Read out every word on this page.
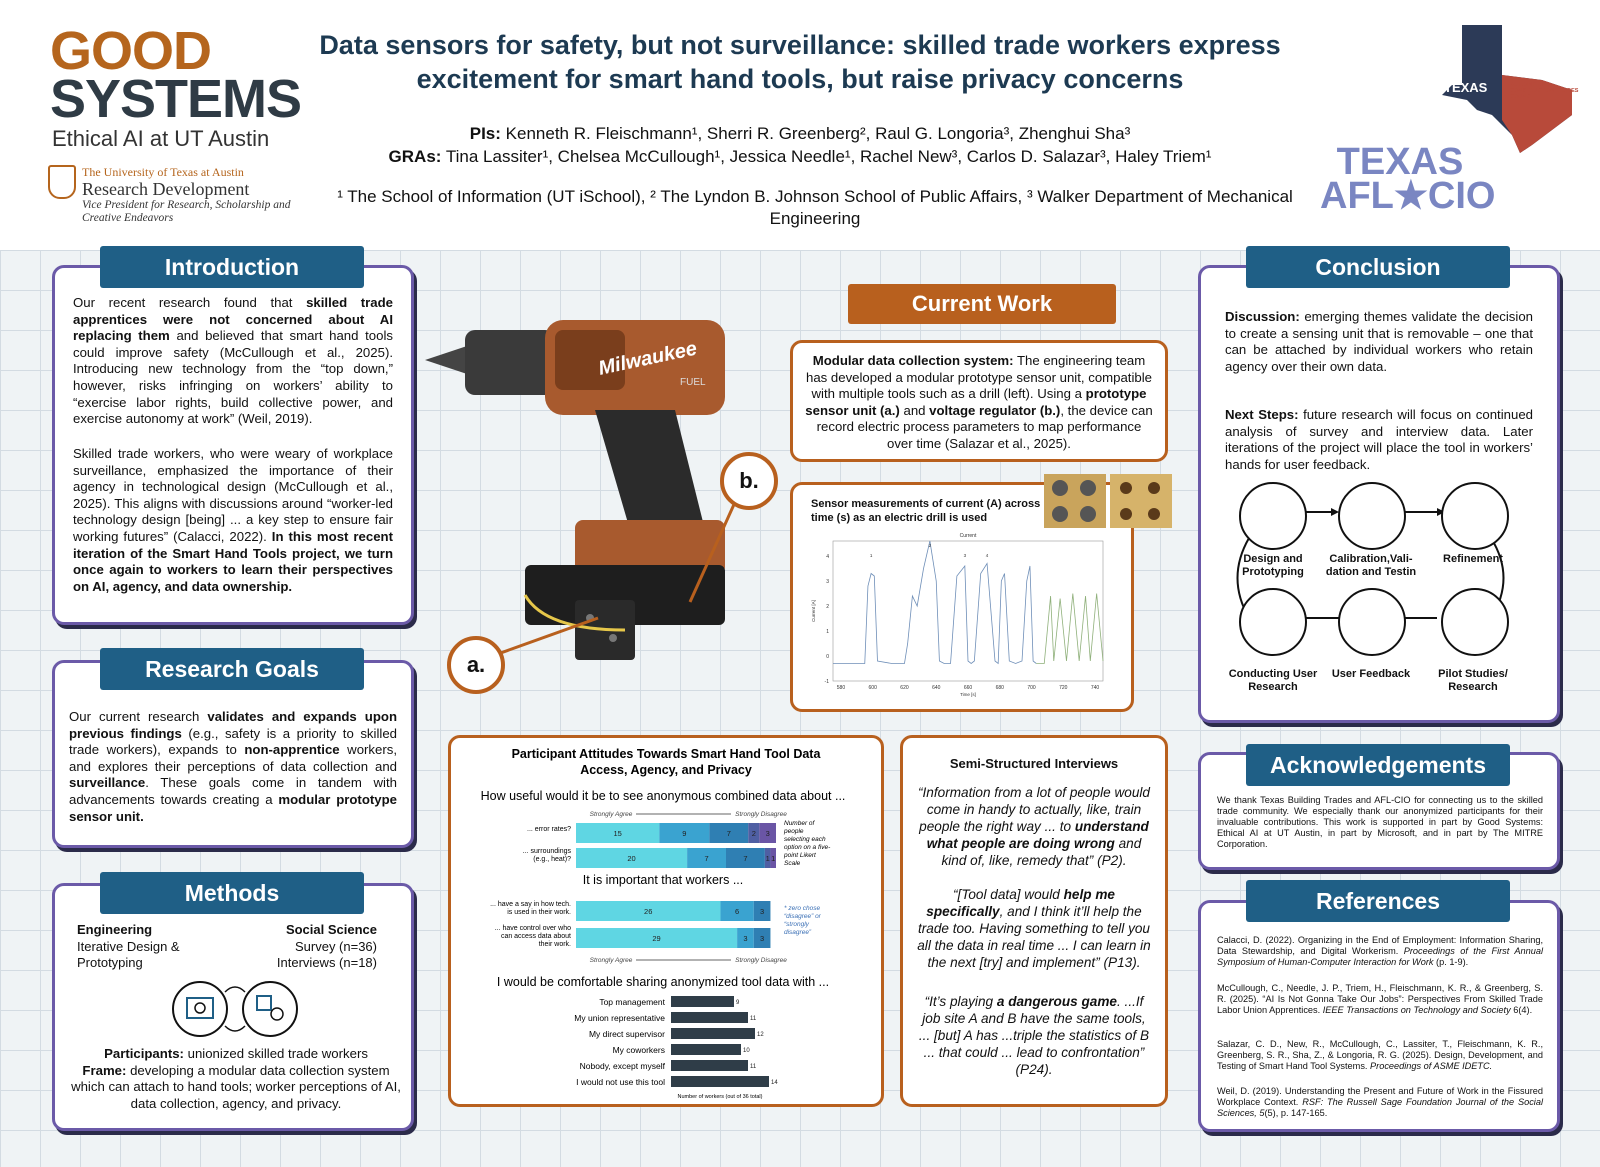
GOOD
SYSTEMS
Ethical AI at UT Austin
The University of Texas at Austin
Research Development
Vice President for Research, Scholarship and Creative Endeavors
Data sensors for safety, but not surveillance: skilled trade workers express
excitement for smart hand tools, but raise privacy concerns
PIs: Kenneth R. Fleischmann¹, Sherri R. Greenberg², Raul G. Longoria³, Zhenghui Sha³
GRAs: Tina Lassiter¹, Chelsea McCullough¹, Jessica Needle¹, Rachel New³, Carlos D. Salazar³, Haley Triem¹
¹ The School of Information (UT iSchool), ² The Lyndon B. Johnson School of Public Affairs, ³ Walker Department of Mechanical Engineering
TEXAS	BUILDING AND CONSTRUCTION TRADES COUNCIL
TEXAS
AFL★CIO
Our recent research found that skilled trade apprentices were not concerned about AI replacing them and believed that smart hand tools could improve safety (McCullough et al., 2025). Introducing new technology from the “top down,” however, risks infringing on workers’ ability to “exercise labor rights, build collective power, and exercise autonomy at work” (Weil, 2019).
Skilled trade workers, who were weary of workplace surveillance, emphasized the importance of their agency in technological design (McCullough et al., 2025). This aligns with discussions around “worker-led technology design [being] ... a key step to ensure fair working futures” (Calacci, 2022). In this most recent iteration of the Smart Hand Tools project, we turn once again to workers to learn their perspectives on AI, agency, and data ownership.
Introduction
Our current research validates and expands upon previous findings (e.g., safety is a priority to skilled trade workers), expands to non-apprentice workers, and explores their perceptions of data collection and surveillance. These goals come in tandem with advancements towards creating a modular prototype sensor unit.
Research Goals
Engineering
Iterative Design &
Prototyping
Social Science
Survey (n=36)
Interviews (n=18)
Participants: unionized skilled trade workers
Frame: developing a modular data collection system which can attach to hand tools; worker perceptions of AI, data collection, agency, and privacy.
Methods
Milwaukee
FUEL
a.
b.
Current Work
Modular data collection system: The engineering team has developed a modular prototype sensor unit, compatible with multiple tools such as a drill (left). Using a prototype sensor unit (a.) and voltage regulator (b.), the device can record electric process parameters to map performance over time (Salazar et al., 2025).
Sensor measurements of current (A) across time (s) as an electric drill is used
Current
580	600	620	640	660	680	700	720	740
-1
0
1
2
3
4
Time [s]
Current [A]
1
2
3	4
Participant Attitudes Towards Smart Hand Tool Data
Access, Agency, and Privacy
How useful would it be to see anonymous combined data about ...
Strongly Agree	Strongly Disagree
15	9	7	2 3
... error rates?
20	7	7 1 1
... surroundings
(e.g., heat)?
26	6	3
... have a say in how tech.
is used in their work.
29	3 3
... have control over who
can access data about
their work.
Number of
people
selecting each
option on a five-
point Likert
Scale
It is important that workers ...
* zero chose
“disagree” or
“strongly
disagree”
Strongly Agree	Strongly Disagree
I would be comfortable sharing anonymized tool data with ...
Top management	9
My union representative	11
My direct supervisor	12
My coworkers	10
Nobody, except myself	11
I would not use this tool	14
Number of workers (out of 36 total)
Semi-Structured Interviews
“Information from a lot of people would come in handy to actually, like, train people the right way ... to understand what people are doing wrong and kind of, like, remedy that” (P2).
“[Tool data] would help me specifically, and I think it’ll help the trade too. Having something to tell you all the data in real time ... I can learn in the next [try] and implement” (P13).
“It’s playing a dangerous game. ...If job site A and B have the same tools, ... [but] A has ...triple the statistics of B ... that could ... lead to confrontation” (P24).
Discussion: emerging themes validate the decision to create a sensing unit that is removable – one that can be attached by individual workers who retain agency over their own data.
Next Steps: future research will focus on continued analysis of survey and interview data. Later iterations of the project will place the tool in workers’ hands for user feedback.
Design and Prototyping
Calibration,Vali-dation and Testin
Refinement
Conducting User Research
User Feedback	Pilot Studies/ Research
Conclusion
We thank Texas Building Trades and AFL-CIO for connecting us to the skilled trade community. We especially thank our anonymized participants for their invaluable contributions. This work is supported in part by Good Systems: Ethical AI at UT Austin, in part by Microsoft, and in part by The MITRE Corporation.
Acknowledgements
Calacci, D. (2022). Organizing in the End of Employment: Information Sharing, Data Stewardship, and Digital Workerism. Proceedings of the First Annual Symposium of Human-Computer Interaction for Work (p. 1-9).
McCullough, C., Needle, J. P., Triem, H., Fleischmann, K. R., & Greenberg, S. R. (2025). “AI Is Not Gonna Take Our Jobs”: Perspectives From Skilled Trade Labor Union Apprentices. IEEE Transactions on Technology and Society 6(4).
Salazar, C. D., New, R., McCullough, C., Lassiter, T., Fleischmann, K. R., Greenberg, S. R., Sha, Z., & Longoria, R. G. (2025). Design, Development, and Testing of Smart Hand Tool Systems. Proceedings of ASME IDETC.
Weil, D. (2019). Understanding the Present and Future of Work in the Fissured Workplace Context. RSF: The Russell Sage Foundation Journal of the Social Sciences, 5(5), p. 147-165.
References
